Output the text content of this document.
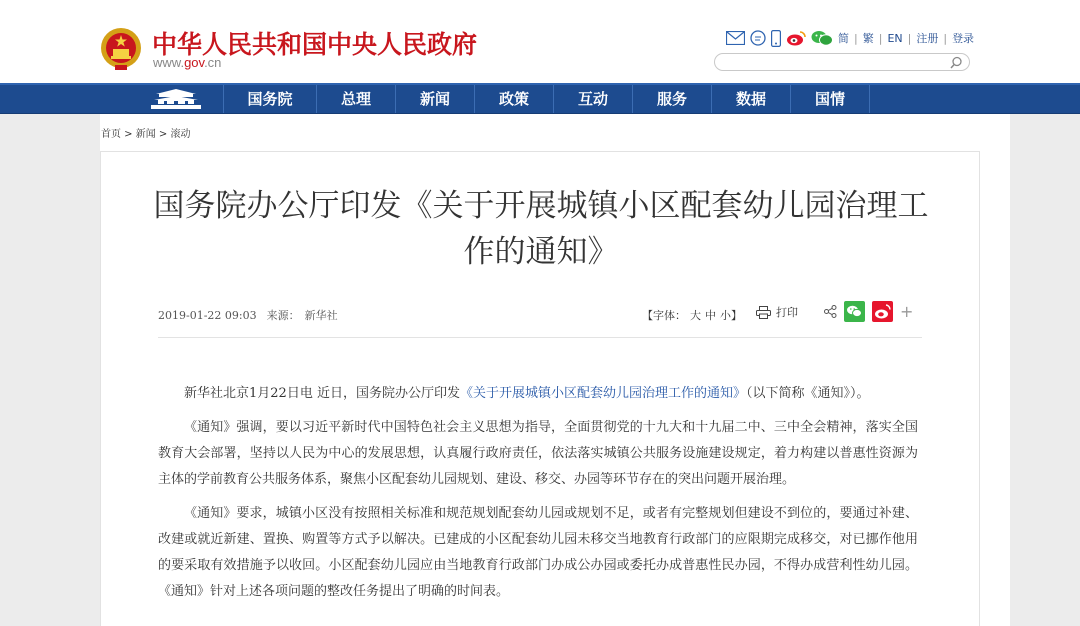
中华人民共和国中央人民政府
www.gov.cn
简 | 繁 | EN | 注册 | 登录
国务院	总理	新闻	政策	互动	服务	数据	国情
首页 > 新闻 > 滚动
国务院办公厅印发《关于开展城镇小区配套幼儿园治理工作的通知》
2019-01-22 09:03 来源： 新华社	【字体： 大 中 小】	打印	+

新华社北京1月22日电 近日，国务院办公厅印发《关于开展城镇小区配套幼儿园治理工作的通知》（以下简称《通知》）。

《通知》强调，要以习近平新时代中国特色社会主义思想为指导，全面贯彻党的十九大和十九届二中、三中全会精神，落实全国教育大会部署，坚持以人民为中心的发展思想，认真履行政府责任，依法落实城镇公共服务设施建设规定，着力构建以普惠性资源为主体的学前教育公共服务体系，聚焦小区配套幼儿园规划、建设、移交、办园等环节存在的突出问题开展治理。

《通知》要求，城镇小区没有按照相关标准和规范规划配套幼儿园或规划不足，或者有完整规划但建设不到位的，要通过补建、改建或就近新建、置换、购置等方式予以解决。已建成的小区配套幼儿园未移交当地教育行政部门的应限期完成移交，对已挪作他用的要采取有效措施予以收回。小区配套幼儿园应由当地教育行政部门办成公办园或委托办成普惠性民办园，不得办成营利性幼儿园。《通知》针对上述各项问题的整改任务提出了明确的时间表。
